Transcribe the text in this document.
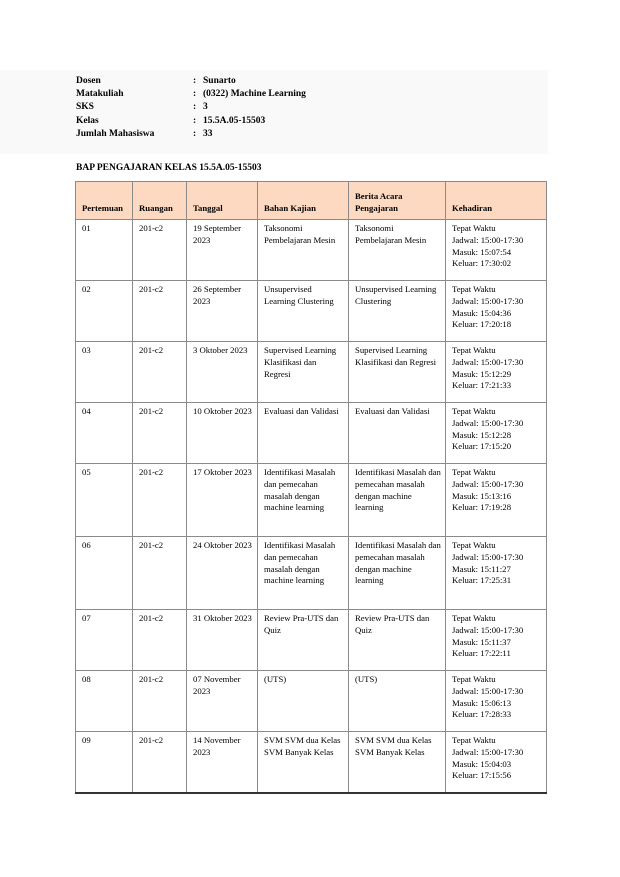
Dosen	: Sunarto
Matakuliah	: (0322) Machine Learning
SKS	: 3
Kelas	: 15.5A.05-15503
Jumlah Mahasiswa	: 33
BAP PENGAJARAN KELAS 15.5A.05-15503
Pertemuan	Ruangan	Tanggal	Bahan Kajian	Berita Acara Pengajaran	Kehadiran
01	201-c2	19 September 2023	Taksonomi Pembelajaran Mesin	Taksonomi Pembelajaran Mesin	Tepat Waktu
Jadwal: 15:00-17:30
Masuk: 15:07:54
Keluar: 17:30:02

02	201-c2	26 September 2023	Unsupervised Learning Clustering	Unsupervised Learning Clustering	Tepat Waktu
Jadwal: 15:00-17:30
Masuk: 15:04:36
Keluar: 17:20:18

03	201-c2	3 Oktober 2023	Supervised Learning Klasifikasi dan Regresi	Supervised Learning Klasifikasi dan Regresi	Tepat Waktu
Jadwal: 15:00-17:30
Masuk: 15:12:29
Keluar: 17:21:33

04	201-c2	10 Oktober 2023	Evaluasi dan Validasi	Evaluasi dan Validasi	Tepat Waktu
Jadwal: 15:00-17:30
Masuk: 15:12:28
Keluar: 17:15:20

05	201-c2	17 Oktober 2023	Identifikasi Masalah dan pemecahan masalah dengan machine learning	Identifikasi Masalah dan pemecahan masalah dengan machine learning	Tepat Waktu
Jadwal: 15:00-17:30
Masuk: 15:13:16
Keluar: 17:19:28

06	201-c2	24 Oktober 2023	Identifikasi Masalah dan pemecahan masalah dengan machine learning	Identifikasi Masalah dan pemecahan masalah dengan machine learning	Tepat Waktu
Jadwal: 15:00-17:30
Masuk: 15:11:27
Keluar: 17:25:31

07	201-c2	31 Oktober 2023	Review Pra-UTS dan Quiz	Review Pra-UTS dan Quiz	Tepat Waktu
Jadwal: 15:00-17:30
Masuk: 15:11:37
Keluar: 17:22:11

08	201-c2	07 November 2023	(UTS)	(UTS)	Tepat Waktu
Jadwal: 15:00-17:30
Masuk: 15:06:13
Keluar: 17:28:33

09	201-c2	14 November 2023	SVM SVM dua Kelas SVM Banyak Kelas	SVM SVM dua Kelas SVM Banyak Kelas	Tepat Waktu
Jadwal: 15:00-17:30
Masuk: 15:04:03
Keluar: 17:15:56
